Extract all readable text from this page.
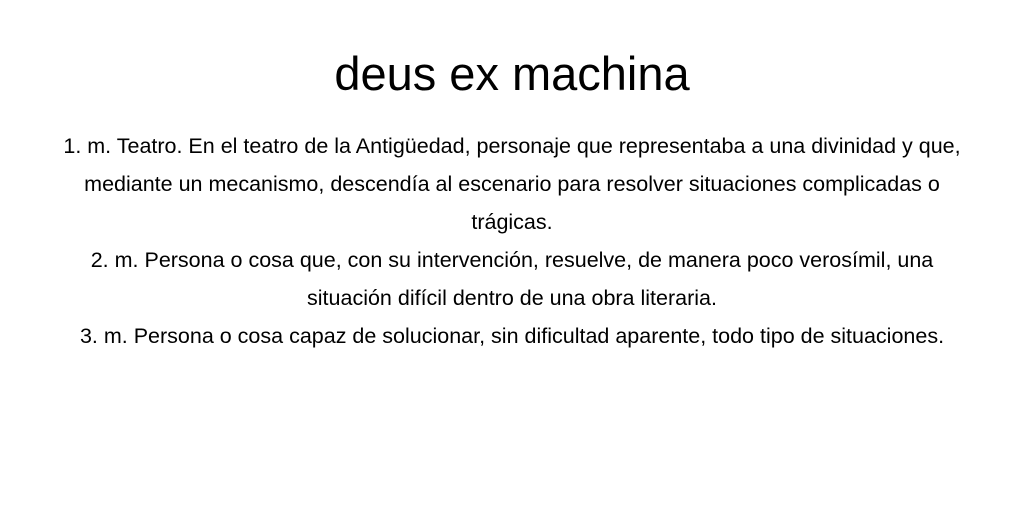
deus ex machina
1. m. Teatro. En el teatro de la Antigüedad, personaje que representaba a una divinidad y que, mediante un mecanismo, descendía al escenario para resolver situaciones complicadas o trágicas.
2. m. Persona o cosa que, con su intervención, resuelve, de manera poco verosímil, una situación difícil dentro de una obra literaria.
3. m. Persona o cosa capaz de solucionar, sin dificultad aparente, todo tipo de situaciones.
